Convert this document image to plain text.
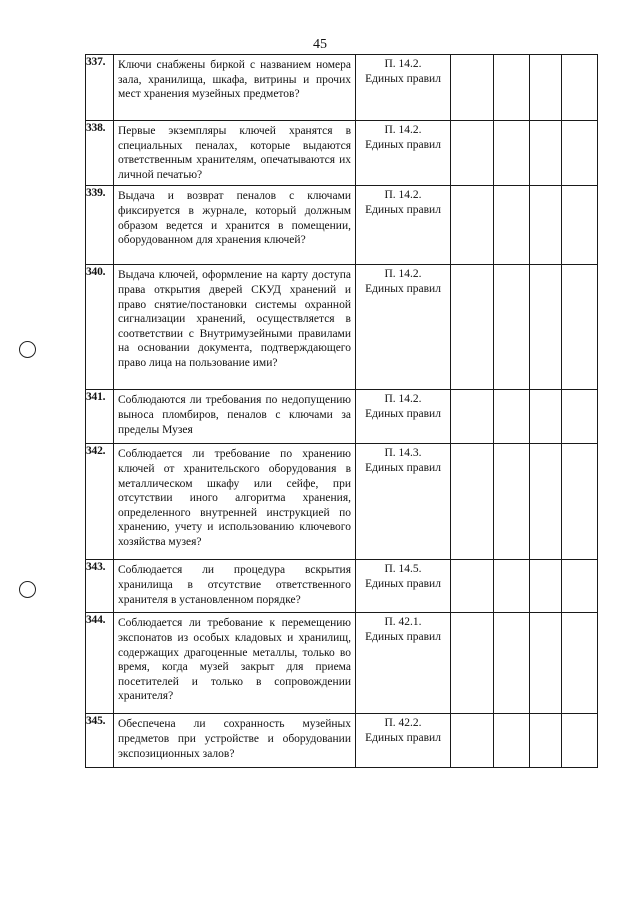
45
337.	Ключи снабжены биркой с названием номера зала, хранилища, шкафа, витрины и прочих мест хранения музейных предметов?	П. 14.2.
Единых правил				

338.	Первые экземпляры ключей хранятся в специальных пеналах, которые выдаются ответственным хранителям, опечатываются их личной печатью?	П. 14.2.
Единых правил				

339.	Выдача и возврат пеналов с ключами фиксируется в журнале, который должным образом ведется и хранится в помещении, оборудованном для хранения ключей?	П. 14.2.
Единых правил				

340.	Выдача ключей, оформление на карту доступа права открытия дверей СКУД хранений и право снятие/постановки системы охранной сигнализации хранений, осуществляется в соответствии с Внутримузейными правилами на основании документа, подтверждающего право лица на пользование ими?	П. 14.2.
Единых правил				

341.	Соблюдаются ли требования по недопущению выноса пломбиров, пеналов с ключами за пределы Музея	П. 14.2.
Единых правил				

342.	Соблюдается ли требование по хранению ключей от хранительского оборудования в металлическом шкафу или сейфе, при отсутствии иного алгоритма хранения, определенного внутренней инструкцией по хранению, учету и использованию ключевого хозяйства музея?	П. 14.3.
Единых правил				

343.	Соблюдается ли процедура вскрытия хранилища в отсутствие ответственного хранителя в установленном порядке?	П. 14.5.
Единых правил				

344.	Соблюдается ли требование к перемещению экспонатов из особых кладовых и хранилищ, содержащих драгоценные металлы, только во время, когда музей закрыт для приема посетителей и только в сопровождении хранителя?	П. 42.1.
Единых правил				

345.	Обеспечена ли сохранность музейных предметов при устройстве и оборудовании экспозиционных залов?	П. 42.2.
Единых правил				
